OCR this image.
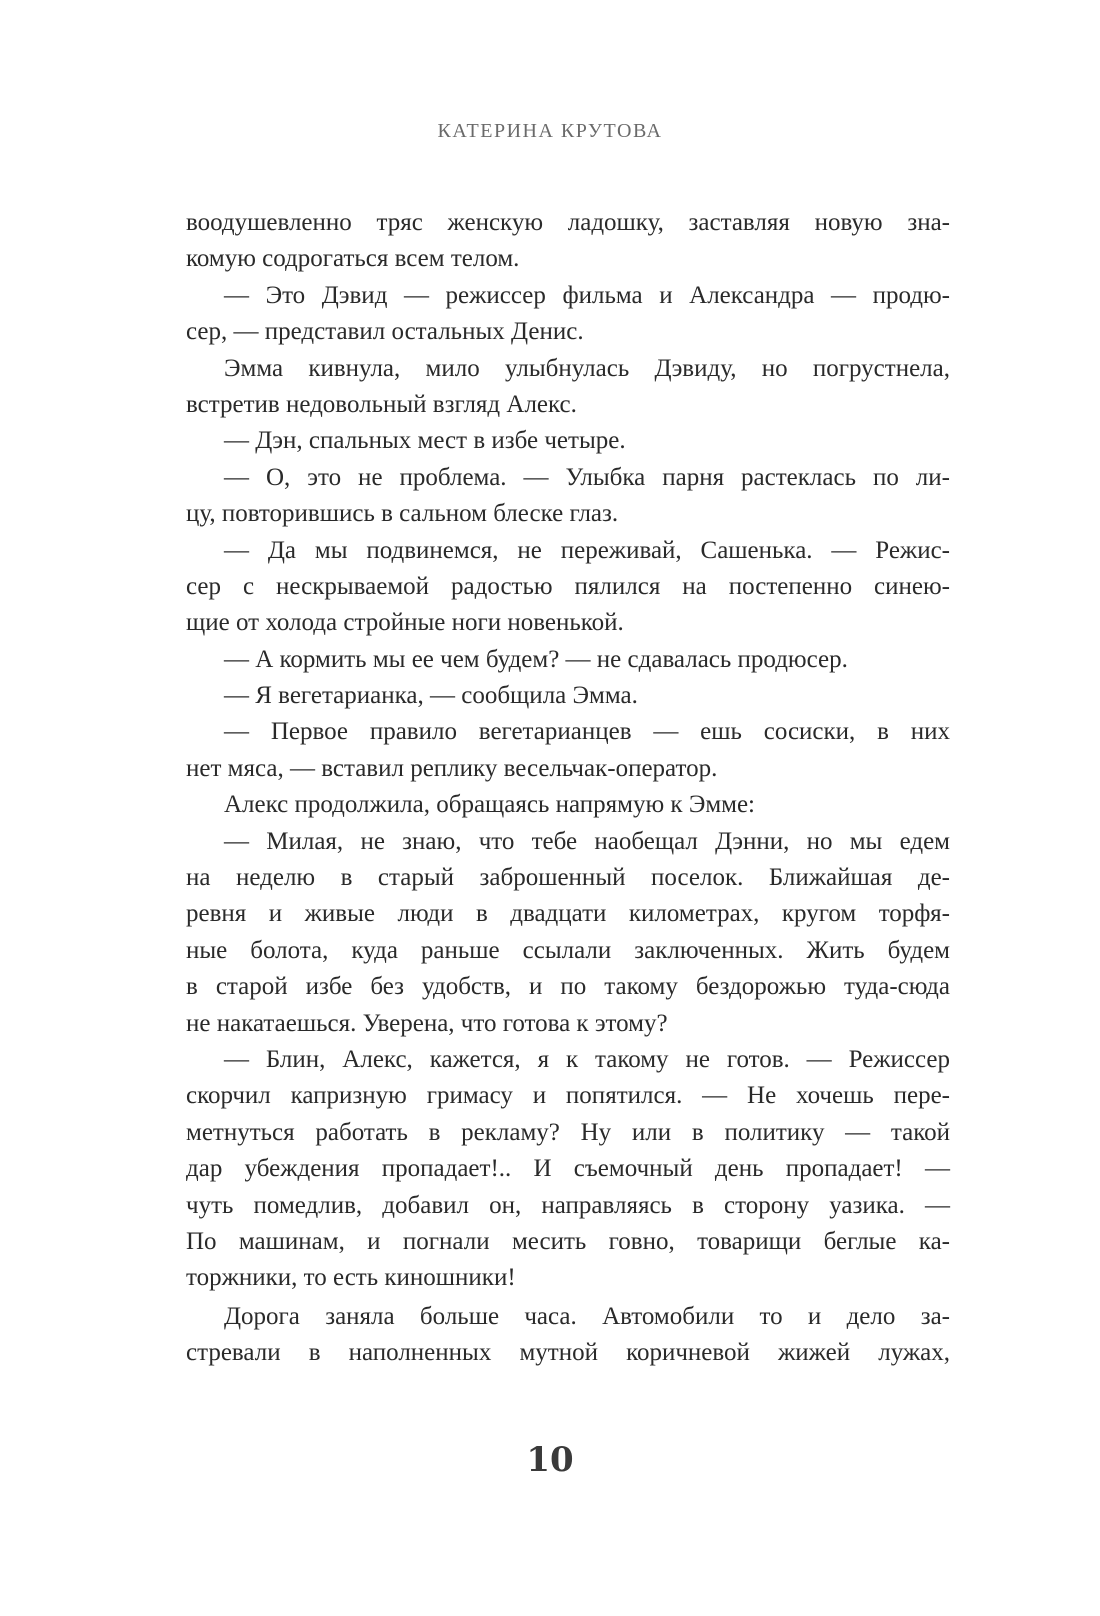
КАТЕРИНА КРУТОВА
воодушевленно тряс женскую ладошку, заставляя новую зна-
комую содрогаться всем телом.
— Это Дэвид — режиссер фильма и Александра — продю-
сер, — представил остальных Денис.
Эмма кивнула, мило улыбнулась Дэвиду, но погрустнела,
встретив недовольный взгляд Алекс.
— Дэн, спальных мест в избе четыре.
— О, это не проблема. — Улыбка парня растеклась по ли-
цу, повторившись в сальном блеске глаз.
— Да мы подвинемся, не переживай, Сашенька. — Режис-
сер с нескрываемой радостью пялился на постепенно синею-
щие от холода стройные ноги новенькой.
— А кормить мы ее чем будем? — не сдавалась продюсер.
— Я вегетарианка, — сообщила Эмма.
— Первое правило вегетарианцев — ешь сосиски, в них
нет мяса, — вставил реплику весельчак-оператор.
Алекс продолжила, обращаясь напрямую к Эмме:
— Милая, не знаю, что тебе наобещал Дэнни, но мы едем
на неделю в старый заброшенный поселок. Ближайшая де-
ревня и живые люди в двадцати километрах, кругом торфя-
ные болота, куда раньше ссылали заключенных. Жить будем
в старой избе без удобств, и по такому бездорожью туда-сюда
не накатаешься. Уверена, что готова к этому?
— Блин, Алекс, кажется, я к такому не готов. — Режиссер
скорчил капризную гримасу и попятился. — Не хочешь пере-
метнуться работать в рекламу? Ну или в политику — такой
дар убеждения пропадает!.. И съемочный день пропадает! —
чуть помедлив, добавил он, направляясь в сторону уазика. —
По машинам, и погнали месить говно, товарищи беглые ка-
торжники, то есть киношники!
Дорога заняла больше часа. Автомобили то и дело за-
стревали в наполненных мутной коричневой жижей лужах,
10
